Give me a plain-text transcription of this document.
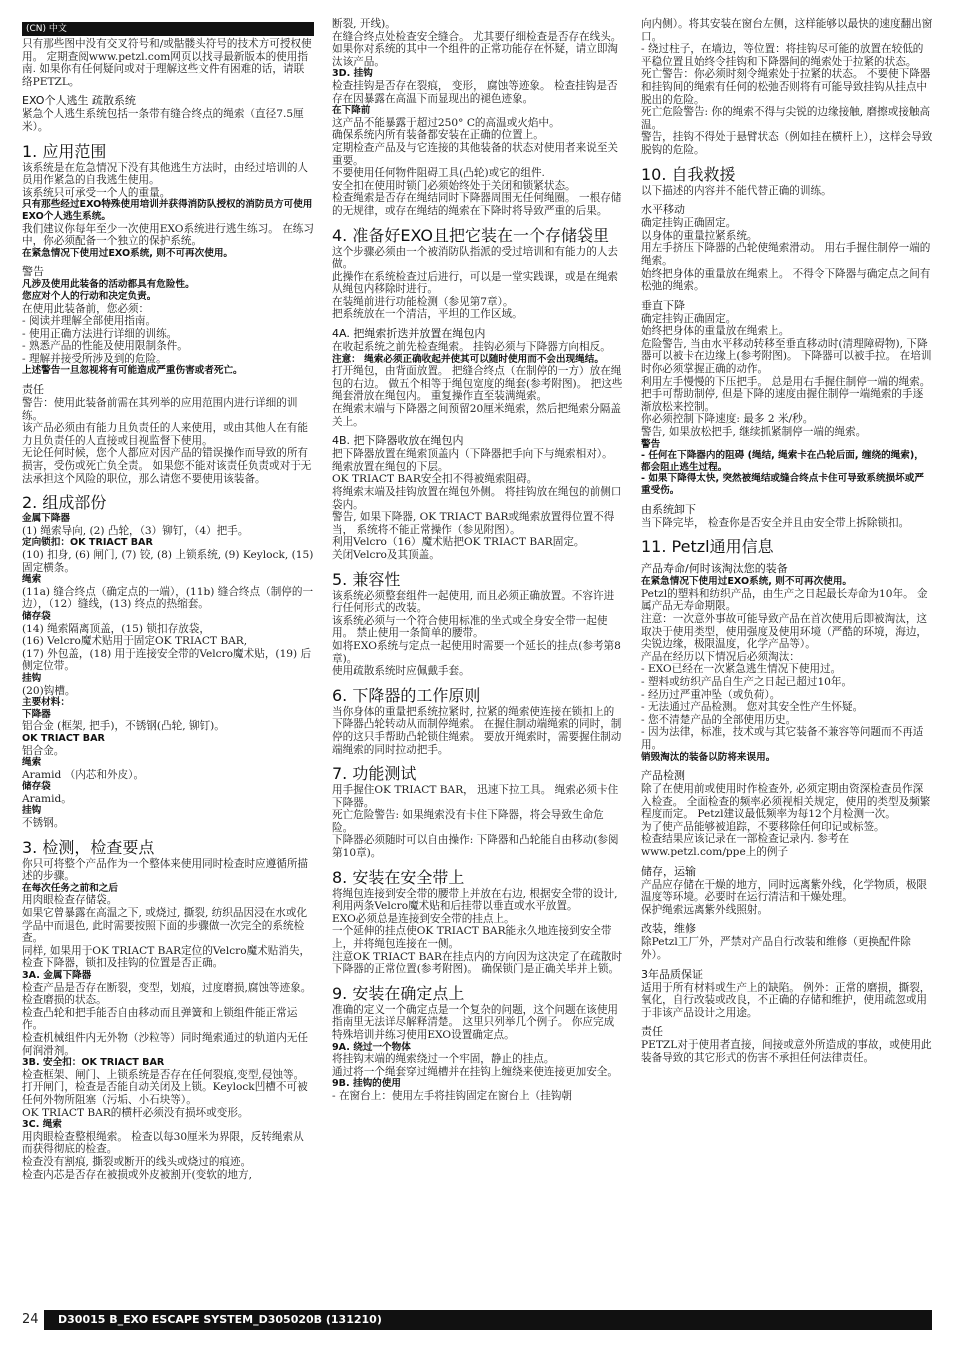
(CN) 中文
只有那些图中没有交叉符号和/或骷髅头符号的技术方可授权使用。 定期查阅www.petzl.com网页以找寻最新版本的使用指南. 如果你有任何疑问或对于理解这些文件有困难的话，请联络PETZL。
EXO个人逃生 疏散系统
紧急个人逃生系统包括一条带有缝合终点的绳索（直径7.5厘米）。
1. 应用范围
该系统是在危急情况下没有其他逃生方法时，由经过培训的人员用作紧急的自我逃生使用。
该系统只可承受一个人的重量。
只有那些经过EXO特殊使用培训并获得消防队授权的消防员方可使用EXO个人逃生系统。
我们建议你每年至少一次使用EXO系统进行逃生练习。 在练习中，你必须配备一个独立的保护系统。
在紧急情况下使用过EXO系统, 则不可再次使用。
警告
凡涉及使用此装备的活动都具有危险性。
您应对个人的行动和决定负责。
在使用此装备前，您必须：
- 阅读并理解全部使用指南。
- 使用正确方法进行详细的训练。
- 熟悉产品的性能及使用限制条件。
- 理解并接受所涉及到的危险。
上述警告一旦忽视将有可能造成严重伤害或者死亡。
责任
警告：使用此装备前需在其列举的应用范围内进行详细的训练。
该产品必须由有能力且负责任的人来使用，或由其他人在有能力且负责任的人直接或目视监督下使用。
无论任何时候，您个人都应对因产品的错误操作而导致的所有损害，受伤或死亡负全责。 如果您不能对该责任负责或对于无法承担这个风险的职位，那么请您不要使用该装备。
2. 组成部份
金属下降器
(1) 绳索导向, (2) 凸轮，（3）铆钉，（4）把手。
定向锁扣：OK TRIACT BAR
(10) 扣身, (6) 闸门, (7) 铰, (8) 上锁系统, (9) Keylock, (15) 固定横条。
绳索
(11a) 缝合终点（确定点的一端），(11b) 缝合终点（制停的一边），（12）缝线，(13) 终点的热缩套。
储存袋
(14) 绳索隔离顶盖，(15) 锁扣存放袋，
(16) Velcro魔术贴用于固定OK TRIACT BAR,
(17) 外包盖，(18) 用于连接安全带的Velcro魔术贴，(19) 后侧定位带。
挂钩
(20)钩槽。
主要材料：
下降器
铝合金 (框架, 把手)，不锈钢(凸轮, 铆钉)。
OK TRIACT BAR
铝合金。
绳索
Aramid （内芯和外皮）。
储存袋
Aramid。
挂钩
不锈钢。
3. 检测，检查要点
你只可将整个产品作为一个整体来使用同时检查时应遵循所描述的步骤。
在每次任务之前和之后
用肉眼检查存储袋。
如果它曾暴露在高温之下, 或烧过, 撕裂, 纺织品因浸在水或化学品中而退色, 此时需要按照下面的步骤做一次完全的系统检查。
同样, 如果用于OK TRIACT BAR定位的Velcro魔术贴消失， 检查下降器，锁扣及挂钩的位置是否正确。
3A. 金属下降器
检查产品是否存在断裂，变型，划痕，过度磨损,腐蚀等迹象。检查磨损的状态。
检查凸轮和把手能否自由移动而且弹簧和上锁组件能正常运作。
检查机械组件内无外物（沙粒等）同时绳索通过的轨道内无任何润滑剂。
3B. 安全扣：OK TRIACT BAR
检查框架、闸门、上锁系统是否存在任何裂痕,变型,侵蚀等。 打开闸门，检查是否能自动关闭及上锁。Keylock凹槽不可被任何外物所阻塞（污垢、小石块等）。
OK TRIACT BAR的横杆必须没有损坏或变形。
3C. 绳索
用肉眼检查整根绳索。 检查以每30厘米为界限，反转绳索从而获得彻底的检查。
检查没有割痕, 撕裂或断开的线头或烧过的痕迹。
检查内芯是否存在被损或外皮被割开(变软的地方,
断裂, 开线)。
在缝合终点处检查安全缝合。 尤其要仔细检查是否存在线头。
如果你对系统的其中一个组件的正常功能存在怀疑，请立即淘汰该产品。
3D. 挂钩
检查挂钩是否存在裂痕， 变形， 腐蚀等迹象。 检查挂钩是否存在因暴露在高温下而显现出的褪色迹象。
在下降前
这产品不能暴露于超过250° C的高温或火焰中。
确保系统内所有装备都安装在正确的位置上。
定期检查产品及与它连接的其他装备的状态对使用者来说至关重要。
不要使用任何物件阻碍工具(凸轮)或它的组件.
安全扣在使用时锁门必须始终处于关闭和锁紧状态。
检查绳索是否存在绳结同时下降器周围无任何绳圈。 一根存储的无规律，或存在绳结的绳索在下降时将导致严重的后果。
4. 准备好EXO且把它装在一个存储袋里
这个步骤必须由一个被消防队指派的受过培训和有能力的人去做。
此操作在系统检查过后进行，可以是一堂实践课，或是在绳索从绳包内移除时进行。
在装绳前进行功能检测（参见第7章）。
把系统放在一个清洁，平坦的工作区域。
4A. 把绳索折迭并放置在绳包内
在收起系统之前先检查绳索。 挂钩必须与下降器方向相反。
注意： 绳索必须正确收起并使其可以随时使用而不会出现绳结。
打开绳包，由背面放置。 把缝合终点（在制停的一方）放在绳包的右边。 做五个相等于绳包宽度的绳套(参考附图)。 把这些绳套滑放在绳包内。 重复操作直至装满绳索。
在绳索末端与下降器之间预留20厘米绳索，然后把绳索分隔盖关上。
4B. 把下降器收放在绳包内
把下降器放置在绳索顶盖内（下降器把手向下与绳索相对）。
绳索放置在绳包的下层。
OK TRIACT BAR安全扣不得被绳索阻碍。
将绳索末端及挂钩放置在绳包外侧。 将挂钩放在绳包的前侧口袋内。
警告, 如果下降器, OK TRIACT BAR或绳索放置得位置不得当， 系统将不能正常操作（参见附图）。
利用Velcro（16）魔术贴把OK TRIACT BAR固定。
关闭Velcro及其顶盖。
5. 兼容性
该系统必须整套组件一起使用, 而且必须正确放置。不容许进行任何形式的改装。
该系统必须与一个符合使用标准的坐式或全身安全带一起使用。 禁止使用一条简单的腰带。
如将EXO系统与定点一起使用时需要一个延长的挂点(参考第8章)。
使用疏散系统时应佩戴手套。
6. 下降器的工作原则
当你身体的重量把系统拉紧时, 拉紧的绳索使连接在锁扣上的下降器凸轮转动从而制停绳索。 在握住制动端绳索的同时，制停的这只手帮助凸轮锁住绳索。 要放开绳索时，需要握住制动端绳索的同时拉动把手。
7. 功能测试
用手握住OK TRIACT BAR， 迅速下拉工具。 绳索必须卡住下降器。
死亡危险警告: 如果绳索没有卡住下降器，将会导致生命危险。
下降器必须随时可以自由操作: 下降器和凸轮能自由移动(参阅第10章)。
8. 安装在安全带上
将绳包连接到安全带的腰带上并放在右边, 根据安全带的设计, 利用两条Velcro魔术贴和后挂带以垂直或水平放置。
EXO必须总是连接到安全带的挂点上。
一个延伸的挂点使OK TRIACT BAR能永久地连接到安全带上，并将绳包连接在一侧。
注意OK TRIACT BAR在挂点内的方向因为这决定了在疏散时下降器的正常位置(参考附图)。 确保锁门是正确关毕并上锁。
9. 安装在确定点上
准确的定义一个确定点是一个复杂的问题，这个问题在该使用指南里无法详尽解释清楚。 这里只列举几个例子。 你应完成特殊培训并练习使用EXO设置确定点。
9A. 绕过一个物体
将挂钩末端的绳索绕过一个牢固，静止的挂点。
通过将一个绳套穿过绳槽并在挂钩上缠绕来使连接更加安全。
9B. 挂钩的使用
- 在窗台上：使用左手将挂钩固定在窗台上（挂钩朝
向内侧）。将其安装在窗台左侧，这样能够以最快的速度翻出窗口。
- 绕过柱子，在墙边，等位置：将挂钩尽可能的放置在较低的平稳位置且始终令挂钩和下降器间的绳索处于拉紧的状态。
死亡警告：你必须时刻令绳索处于拉紧的状态。 不要使下降器和挂钩间的绳索有任何的松弛否则将有可能导致挂钩从挂点中脱出的危险。
死亡危险警告: 你的绳索不得与尖锐的边缘接触, 磨擦或接触高温。
警告，挂钩不得处于悬臂状态（例如挂在横杆上），这样会导致脱钩的危险。
10. 自我救援
以下描述的内容并不能代替正确的训练。
水平移动
确定挂钩正确固定。
以身体的重量拉紧系统。
用左手挤压下降器的凸轮使绳索滑动。 用右手握住制停一端的绳索。
始终把身体的重量放在绳索上。 不得令下降器与确定点之间有松弛的绳索。
垂直下降
确定挂钩正确固定。
始终把身体的重量放在绳索上。
危险警告, 当由水平移动转移至垂直移动时(清理障碍物), 下降器可以被卡在边缘上(参考附图)。 下降器可以被手拉。 在培训时你必须掌握正确的动作。
利用左手慢慢的下压把手。 总是用右手握住制停一端的绳索。 把手可帮助制停, 但是下降的速度由握住制停一端绳索的手逐渐放松来控制。
你必须控制下降速度: 最多 2 米/秒。
警告, 如果放松把手, 继续抓紧制停一端的绳索。
警告
- 任何在下降器内的阻碍 (绳结, 绳索卡在凸轮后面, 缠绕的绳索)， 都会阻止逃生过程。
- 如果下降得太快, 突然被绳结或缝合终点卡住可导致系统损坏或严重受伤。
由系统卸下
当下降完毕， 检查你是否安全并且由安全带上拆除锁扣。
11. Petzl通用信息
产品寿命/何时该淘汰您的装备
在紧急情况下使用过EXO系统, 则不可再次使用。
Petzl的塑料和纺织产品，由生产之日起最长寿命为10年。 金属产品无寿命期限。
注意：一次意外事故可能导致产品在首次使用后即被淘汰，这取决于使用类型，使用强度及使用环境（严酷的环境，海边，尖锐边缘，极限温度，化学产品等）。
产品在经历以下情况后必须淘汰：
- EXO已经在一次紧急逃生情况下使用过。
- 塑料或纺织产品自生产之日起已超过10年。
- 经历过严重冲坠（或负荷）。
- 无法通过产品检测。 您对其安全性产生怀疑。
- 您不清楚产品的全部使用历史。
- 因为法律，标准，技术或与其它装备不兼容等问题而不再适用。
销毁淘汰的装备以防将来误用。
产品检测
除了在使用前或使用时作检查外, 必须定期由资深检查员作深入检查。 全面检查的频率必须视相关规定，使用的类型及频繁程度而定。 Petzl建议最低频率为每12个月检测一次。
为了使产品能够被追踪，不要移除任何印记或标签。
检查结果应该记录在一部检查记录内. 参考在www.petzl.com/ppe上的例子
储存，运输
产品应存储在干燥的地方，同时远离紫外线，化学物质，极限温度等环境。必要时在运行清洁和干燥处理。
保护绳索远离紫外线照射。
改装，维修
除Petzl工厂外，严禁对产品自行改装和维修（更换配件除外）。
3年品质保证
适用于所有材料或生产上的缺陷。 例外：正常的磨损，撕裂，氧化，自行改装或改良，不正确的存储和维护，使用疏忽或用于非该产品设计之用途。
责任
PETZL对于使用者直接，间接或意外所造成的事故，或使用此装备导致的其它形式的伤害不承担任何法律责任。
24	D30015 B_EXO ESCAPE SYSTEM_D305020B (131210)
